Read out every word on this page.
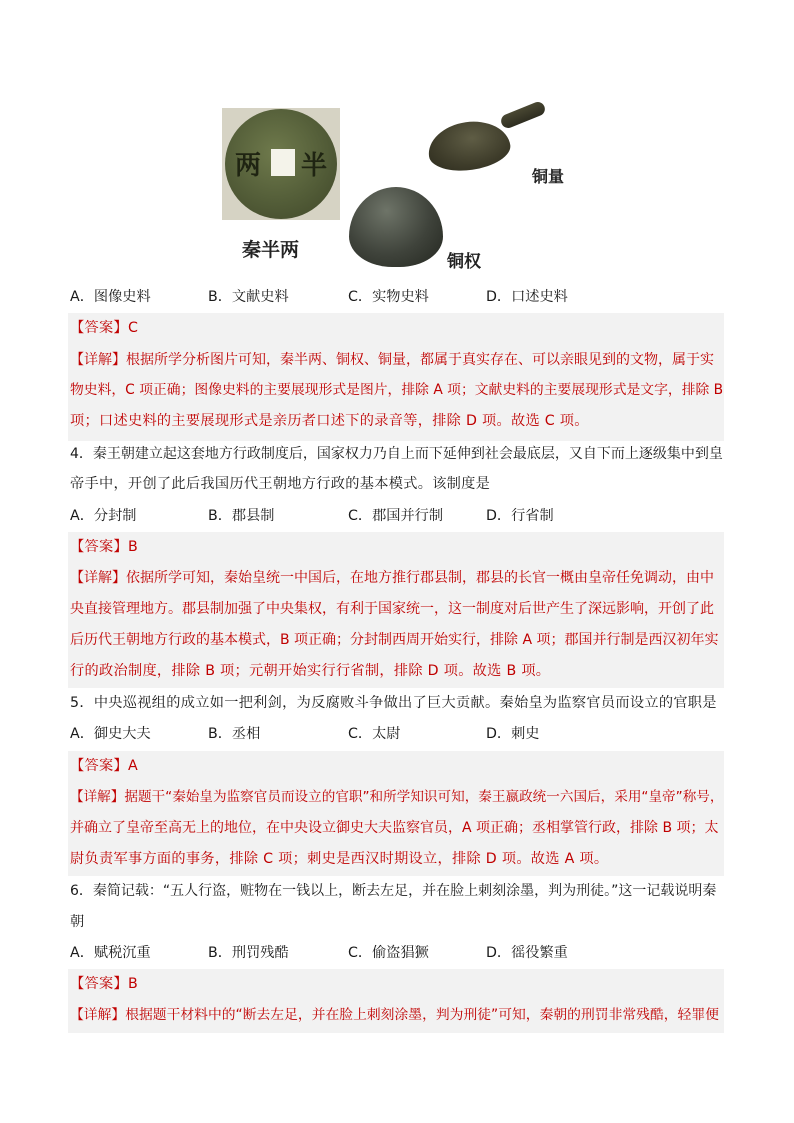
两 半
秦半两
铜量
铜权
A．图像史料	B．文献史料	C．实物史料	D．口述史料
【答案】C
【详解】根据所学分析图片可知，秦半两、铜权、铜量，都属于真实存在、可以亲眼见到的文物，属于实
物史料，C 项正确；图像史料的主要展现形式是图片，排除 A 项；文献史料的主要展现形式是文字，排除 B
项；口述史料的主要展现形式是亲历者口述下的录音等，排除 D 项。故选 C 项。
4．秦王朝建立起这套地方行政制度后，国家权力乃自上而下延伸到社会最底层，又自下而上逐级集中到皇
帝手中，开创了此后我国历代王朝地方行政的基本模式。该制度是
A．分封制	B．郡县制	C．郡国并行制	D．行省制
【答案】B
【详解】依据所学可知，秦始皇统一中国后，在地方推行郡县制，郡县的长官一概由皇帝任免调动，由中
央直接管理地方。郡县制加强了中央集权，有利于国家统一，这一制度对后世产生了深远影响，开创了此
后历代王朝地方行政的基本模式，B 项正确；分封制西周开始实行，排除 A 项；郡国并行制是西汉初年实
行的政治制度，排除 B 项；元朝开始实行行省制，排除 D 项。故选 B 项。
5．中央巡视组的成立如一把利剑，为反腐败斗争做出了巨大贡献。秦始皇为监察官员而设立的官职是
A．御史大夫	B．丞相	C．太尉	D．刺史
【答案】A
【详解】据题干“秦始皇为监察官员而设立的官职”和所学知识可知，秦王嬴政统一六国后，采用“皇帝”称号，
并确立了皇帝至高无上的地位，在中央设立御史大夫监察官员，A 项正确；丞相掌管行政，排除 B 项；太
尉负责军事方面的事务，排除 C 项；刺史是西汉时期设立，排除 D 项。故选 A 项。
6．秦简记载：“五人行盗，赃物在一钱以上，断去左足，并在脸上刺刻涂墨，判为刑徒。”这一记载说明秦
朝
A．赋税沉重	B．刑罚残酷	C．偷盗猖獗	D．徭役繁重
【答案】B
【详解】根据题干材料中的“断去左足，并在脸上刺刻涂墨，判为刑徒”可知，秦朝的刑罚非常残酷，轻罪便
